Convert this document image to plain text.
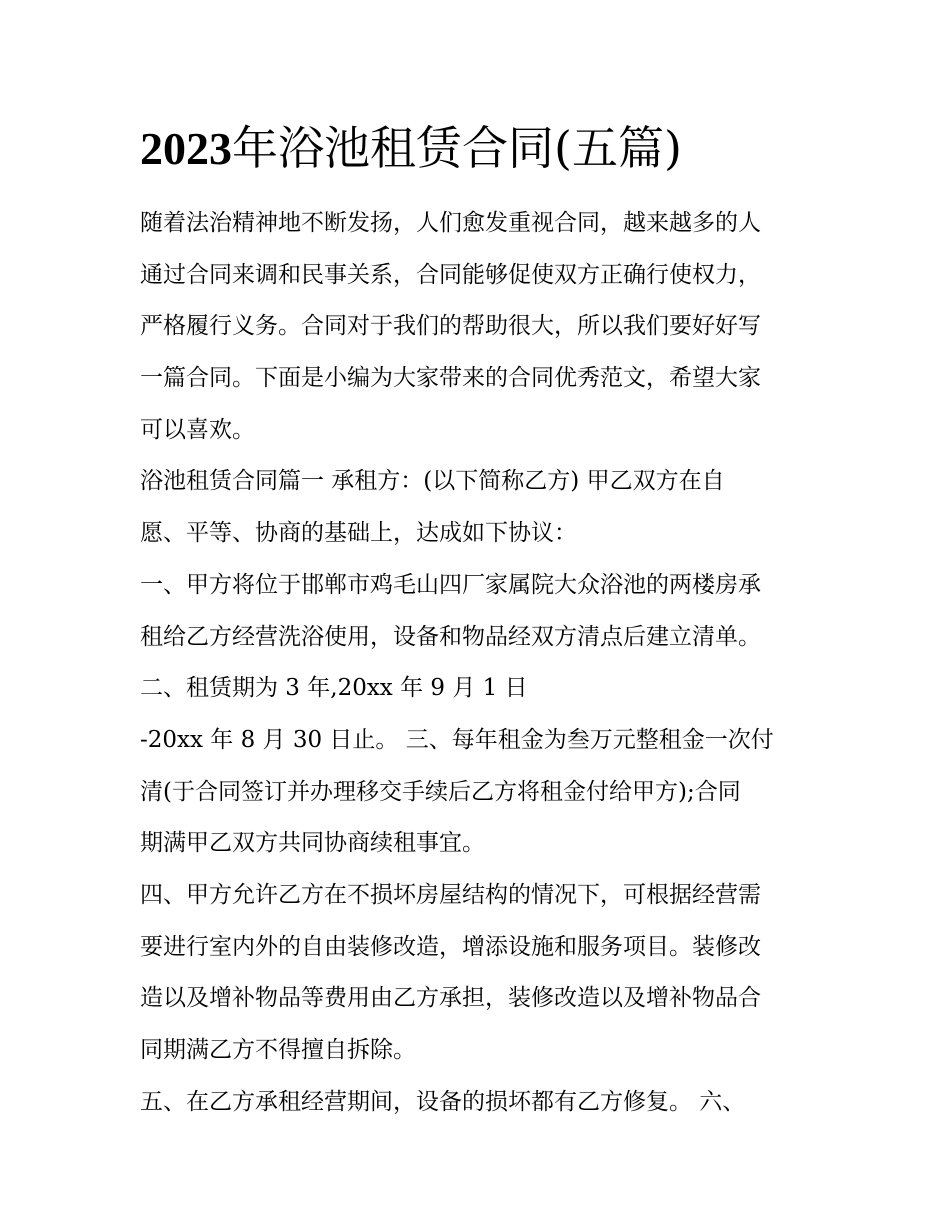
2023年浴池租赁合同(五篇)

随着法治精神地不断发扬，人们愈发重视合同，越来越多的人

通过合同来调和民事关系，合同能够促使双方正确行使权力，

严格履行义务。合同对于我们的帮助很大，所以我们要好好写

一篇合同。下面是小编为大家带来的合同优秀范文，希望大家

可以喜欢。

浴池租赁合同篇一 承租方：(以下简称乙方) 甲乙双方在自

愿、平等、协商的基础上，达成如下协议：

一、甲方将位于邯郸市鸡毛山四厂家属院大众浴池的两楼房承

租给乙方经营洗浴使用，设备和物品经双方清点后建立清单。

二、租赁期为 3 年,20xx 年 9 月 1 日

-20xx 年 8 月 30 日止。 三、每年租金为叁万元整租金一次付

清(于合同签订并办理移交手续后乙方将租金付给甲方);合同

期满甲乙双方共同协商续租事宜。

四、甲方允许乙方在不损坏房屋结构的情况下，可根据经营需

要进行室内外的自由装修改造，增添设施和服务项目。装修改

造以及增补物品等费用由乙方承担，装修改造以及增补物品合

同期满乙方不得擅自拆除。

五、在乙方承租经营期间，设备的损坏都有乙方修复。 六、
